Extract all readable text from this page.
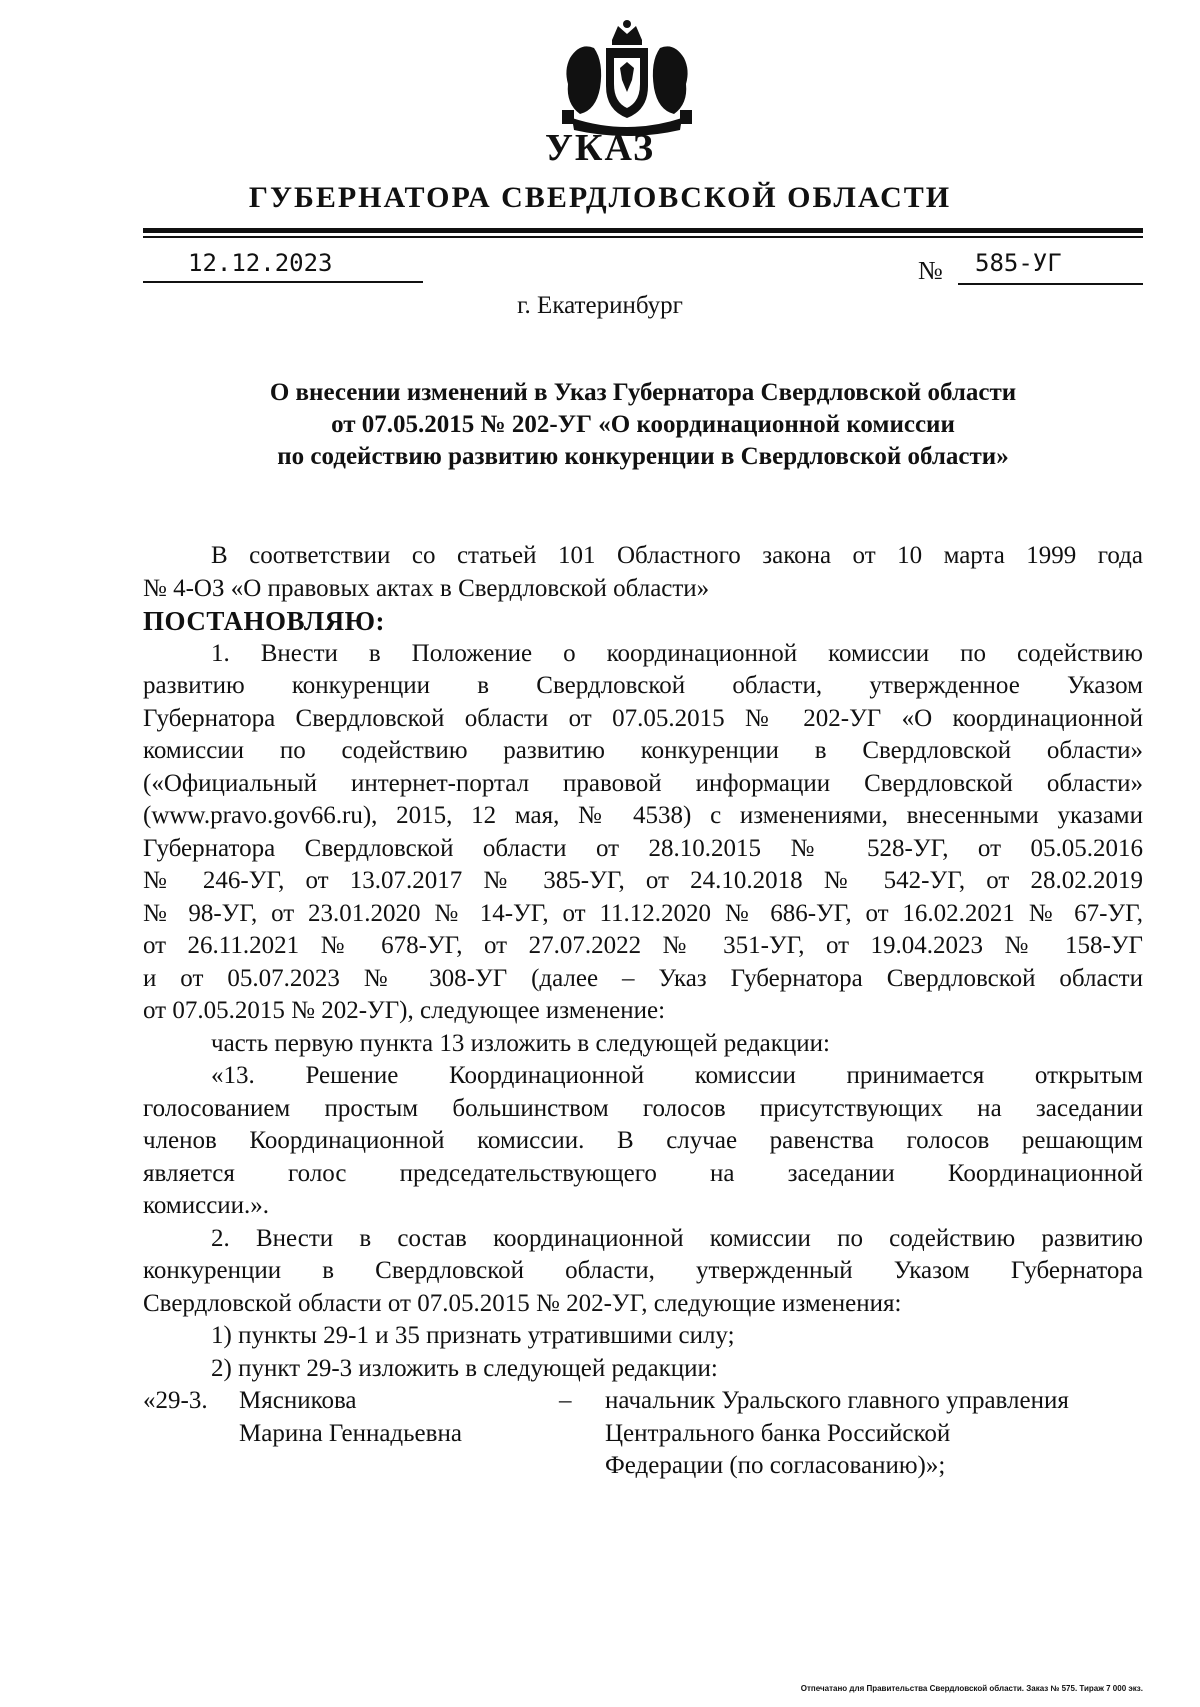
УКАЗ
ГУБЕРНАТОРА СВЕРДЛОВСКОЙ ОБЛАСТИ
12.12.2023	№ 585-УГ
г. Екатеринбург
О внесении изменений в Указ Губернатора Свердловской области
от 07.05.2015 № 202-УГ «О координационной комиссии
по содействию развитию конкуренции в Свердловской области»
В соответствии со статьей 101 Областного закона от 10 марта 1999 года
№ 4-ОЗ «О правовых актах в Свердловской области»
ПОСТАНОВЛЯЮ:
1. Внести в Положение о координационной комиссии по содействию
развитию конкуренции в Свердловской области, утвержденное Указом
Губернатора Свердловской области от 07.05.2015 № 202-УГ «О координационной
комиссии по содействию развитию конкуренции в Свердловской области»
(«Официальный интернет-портал правовой информации Свердловской области»
(www.pravo.gov66.ru), 2015, 12 мая, № 4538) с изменениями, внесенными указами
Губернатора Свердловской области от 28.10.2015 № 528-УГ, от 05.05.2016
№ 246-УГ, от 13.07.2017 № 385-УГ, от 24.10.2018 № 542-УГ, от 28.02.2019
№ 98-УГ, от 23.01.2020 № 14-УГ, от 11.12.2020 № 686-УГ, от 16.02.2021 № 67-УГ,
от 26.11.2021 № 678-УГ, от 27.07.2022 № 351-УГ, от 19.04.2023 № 158-УГ
и от 05.07.2023 № 308-УГ (далее – Указ Губернатора Свердловской области
от 07.05.2015 № 202-УГ), следующее изменение:
часть первую пункта 13 изложить в следующей редакции:
«13. Решение Координационной комиссии принимается открытым
голосованием простым большинством голосов присутствующих на заседании
членов Координационной комиссии. В случае равенства голосов решающим
является голос председательствующего на заседании Координационной
комиссии.».
2. Внести в состав координационной комиссии по содействию развитию
конкуренции в Свердловской области, утвержденный Указом Губернатора
Свердловской области от 07.05.2015 № 202-УГ, следующие изменения:
1) пункты 29-1 и 35 признать утратившими силу;
2) пункт 29-3 изложить в следующей редакции:
«29-3. Мясникова	– начальник Уральского главного управления
Марина Геннадьевна	Центрального банка Российской
Федерации (по согласованию)»;
Отпечатано для Правительства Свердловской области. Заказ № 575. Тираж 7 000 экз.
